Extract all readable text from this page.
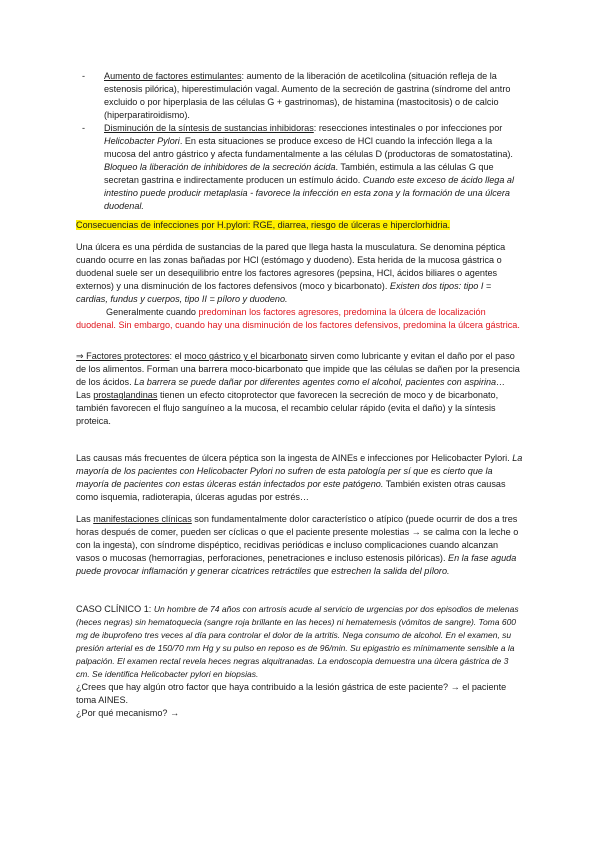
-	Aumento de factores estimulantes: aumento de la liberación de acetilcolina (situación refleja de la estenosis pilórica), hiperestimulación vagal. Aumento de la secreción de gastrina (síndrome del antro excluido o por hiperplasia de las células G + gastrinomas), de histamina (mastocitosis) o de calcio (hiperparatiroidismo).
-	Disminución de la síntesis de sustancias inhibidoras: resecciones intestinales o por infecciones por Helicobacter Pylori. En esta situaciones se produce exceso de HCl cuando la infección llega a la mucosa del antro gástrico y afecta fundamentalmente a las células D (productoras de somatostatina). Bloqueo la liberación de inhibidores de la secreción ácida. También, estimula a las células G que secretan gastrina e indirectamente producen un estímulo ácido. Cuando este exceso de ácido llega al intestino puede producir metaplasia - favorece la infección en esta zona y la formación de una úlcera duodenal.
Consecuencias de infecciones por H.pylori: RGE, diarrea, riesgo de úlceras e hiperclorhidria.

Una úlcera es una pérdida de sustancias de la pared que llega hasta la musculatura. Se denomina péptica cuando ocurre en las zonas bañadas por HCl (estómago y duodeno). Esta herida de la mucosa gástrica o duodenal suele ser un desequilibrio entre los factores agresores (pepsina, HCl, ácidos biliares o agentes externos) y una disminución de los factores defensivos (moco y bicarbonato). Existen dos tipos: tipo I = cardias, fundus y cuerpos, tipo II = píloro y duodeno.

Generalmente cuando predominan los factores agresores, predomina la úlcera de localización duodenal. Sin embargo, cuando hay una disminución de los factores defensivos, predomina la úlcera gástrica.

⇒ Factores protectores: el moco gástrico y el bicarbonato sirven como lubricante y evitan el daño por el paso de los alimentos. Forman una barrera moco-bicarbonato que impide que las células se dañen por la presencia de los ácidos. La barrera se puede dañar por diferentes agentes como el alcohol, pacientes con aspirina…

Las prostaglandinas tienen un efecto citoprotector que favorecen la secreción de moco y de bicarbonato, también favorecen el flujo sanguíneo a la mucosa, el recambio celular rápido (evita el daño) y la síntesis proteica.

Las causas más frecuentes de úlcera péptica son la ingesta de AINEs e infecciones por Helicobacter Pylori. La mayoría de los pacientes con Helicobacter Pylori no sufren de esta patología per sí que es cierto que la mayoría de pacientes con estas úlceras están infectados por este patógeno. También existen otras causas como isquemia, radioterapia, úlceras agudas por estrés…

Las manifestaciones clínicas son fundamentalmente dolor característico o atípico (puede ocurrir de dos a tres horas después de comer, pueden ser cíclicas o que el paciente presente molestias → se calma con la leche o con la ingesta), con síndrome dispéptico, recidivas periódicas e incluso complicaciones cuando alcanzan vasos o mucosas (hemorragias, perforaciones, penetraciones e incluso estenosis pilóricas). En la fase aguda puede provocar inflamación y generar cicatrices retráctiles que estrechen la salida del píloro.

CASO CLÍNICO 1: Un hombre de 74 años con artrosis acude al servicio de urgencias por dos episodios de melenas (heces negras) sin hematoquecia (sangre roja brillante en las heces) ni hematemesis (vómitos de sangre). Toma 600 mg de ibuprofeno tres veces al día para controlar el dolor de la artritis. Nega consumo de alcohol. En el examen, su presión arterial es de 150/70 mm Hg y su pulso en reposo es de 96/min. Su epigastrio es mínimamente sensible a la palpación. El examen rectal revela heces negras alquitranadas. La endoscopia demuestra una úlcera gástrica de 3 cm. Se identifica Helicobacter pylori en biopsias.

¿Crees que hay algún otro factor que haya contribuido a la lesión gástrica de este paciente? → el paciente toma AINES.

¿Por qué mecanismo? →
